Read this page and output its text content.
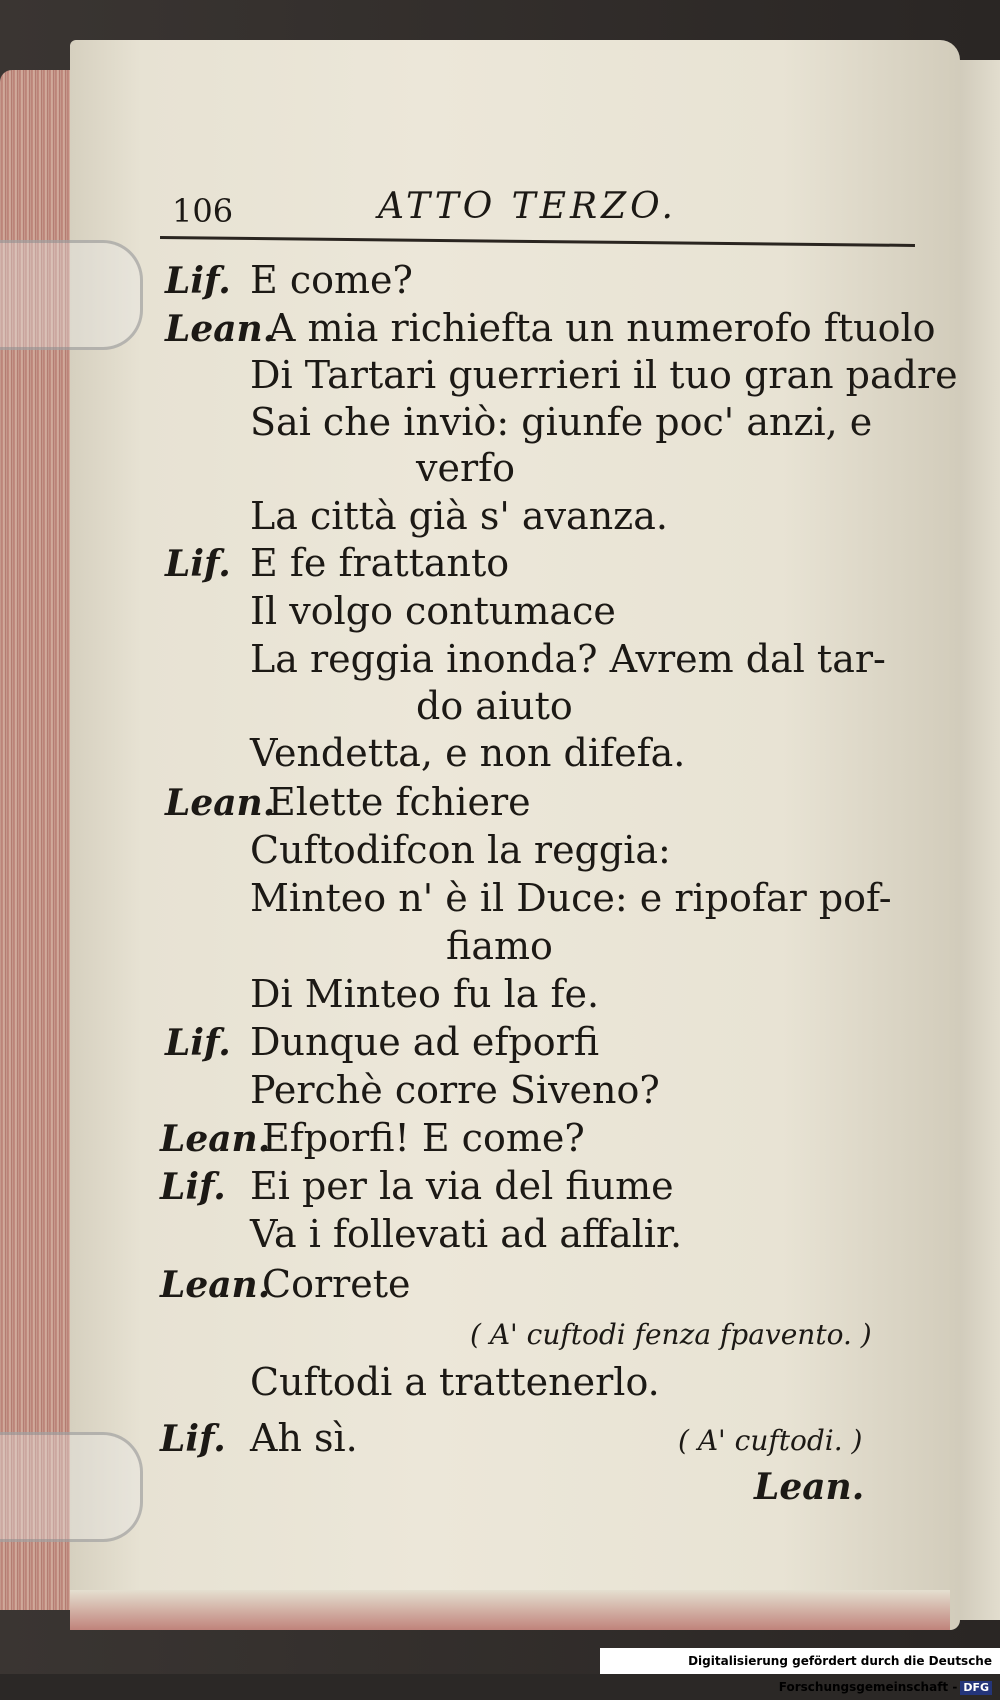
106	ATTO TERZO.
Lif. E come?
Lean.
A mia richiefta un numerofo ftuolo
Di Tartari guerrieri il tuo gran padre
Sai che inviò: giunfe poc' anzi, e
verfo
La città già s' avanza.
Lif. E fe frattanto
Il volgo contumace
La reggia inonda? Avrem dal tar-
do aiuto
Vendetta, e non difefa.
Lean.
Elette fchiere
Cuftodifcon la reggia:
Minteo n' è il Duce: e ripofar pof-
fiamo
Di Minteo fu la fe.
Lif. Dunque ad efporfi
Perchè corre Siveno?
Lean.
Efporfi! E come?
Lif. Ei per la via del fiume
Va i follevati ad affalir.
Lean.
Correte
( A' cuftodi fenza fpavento. )
Cuftodi a trattenerlo.
Lif. Ah sì.	( A' cuftodi. )
Lean.
Digitalisierung gefördert durch die Deutsche Forschungsgemeinschaft - DFG
